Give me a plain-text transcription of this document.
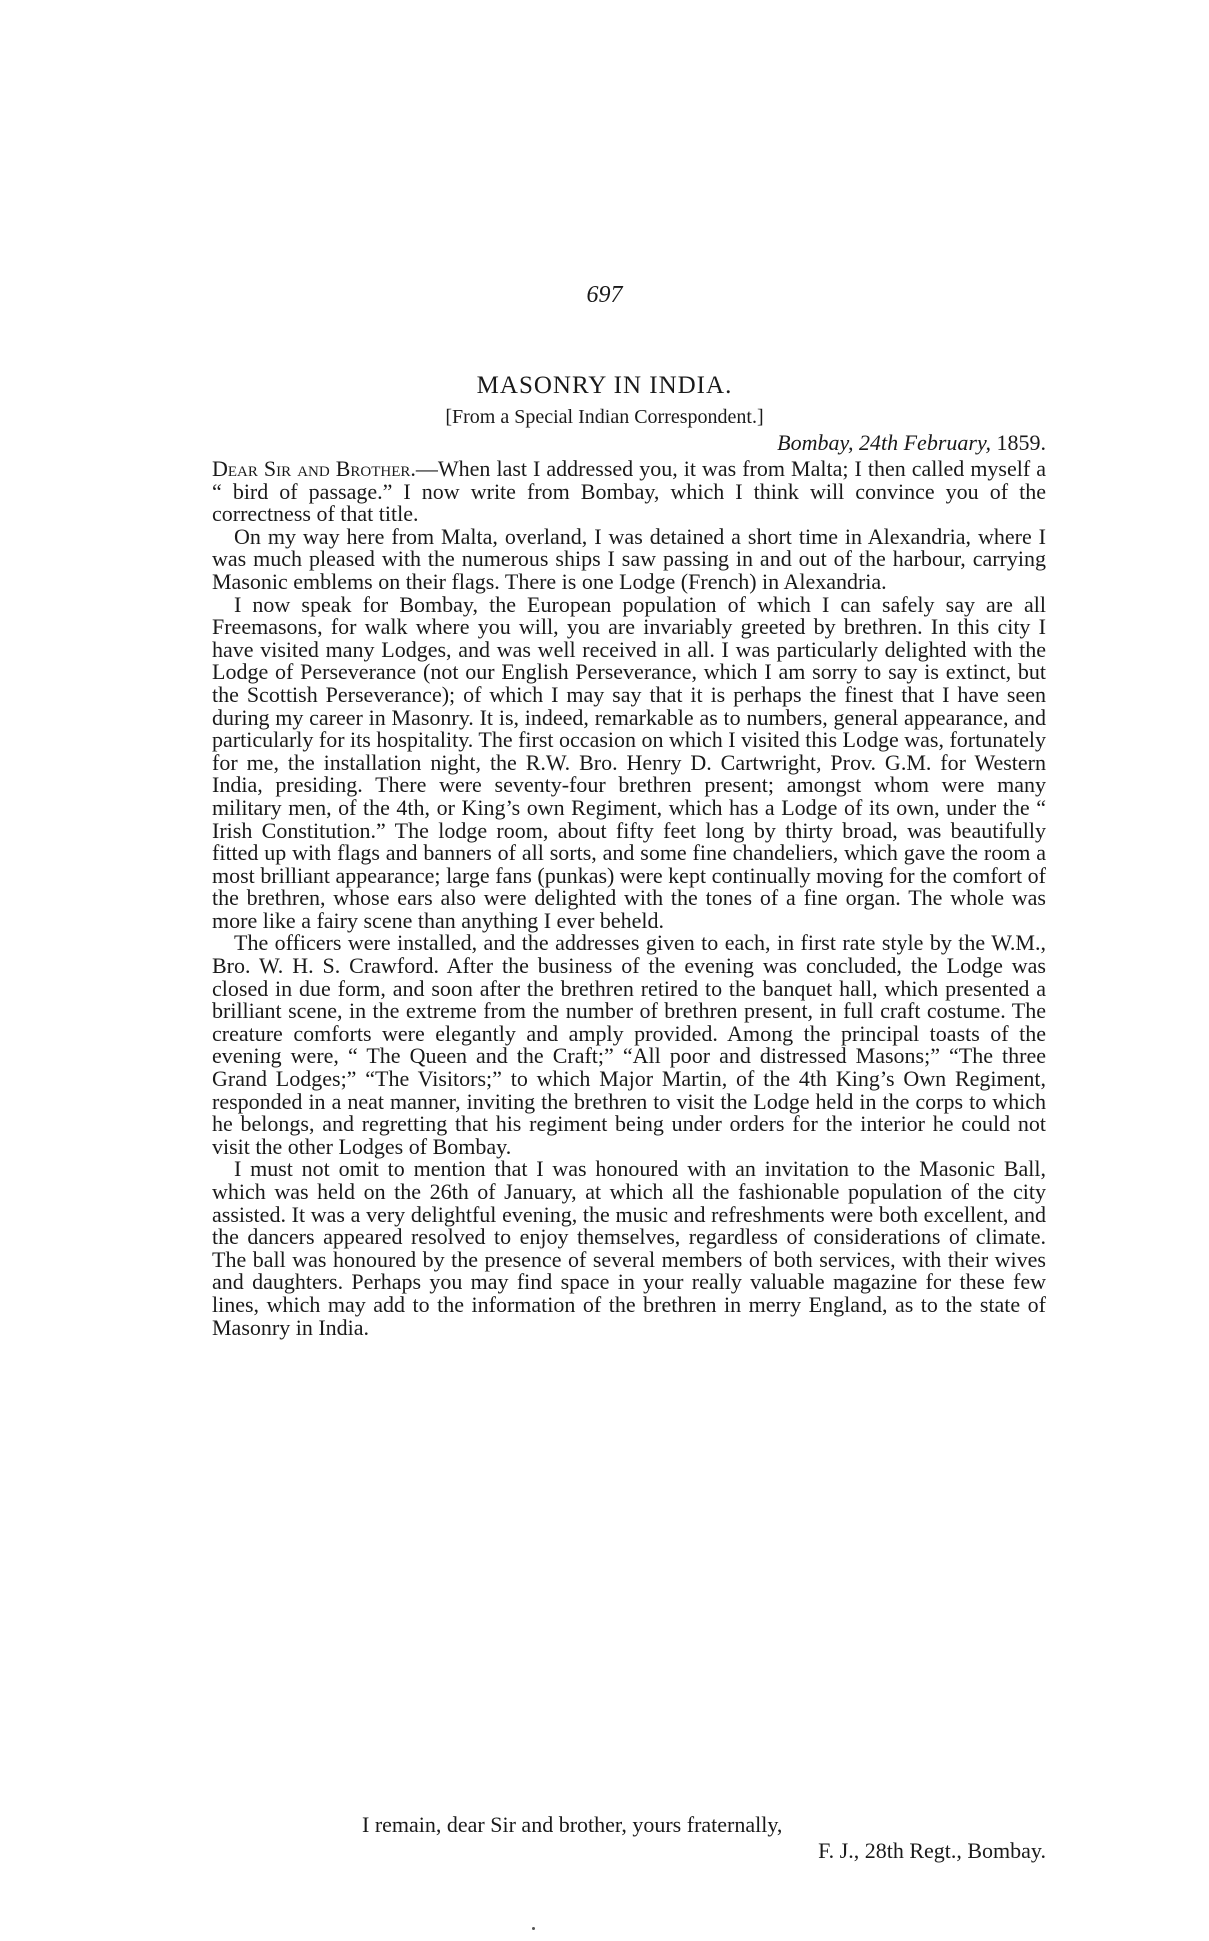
697
MASONRY IN INDIA.
[From a Special Indian Correspondent.]
Bombay, 24th February, 1859.

Dear Sir and Brother.—When last I addressed you, it was from Malta; I then called myself a “ bird of passage.” I now write from Bombay, which I think will convince you of the correctness of that title.

On my way here from Malta, overland, I was detained a short time in Alexandria, where I was much pleased with the numerous ships I saw passing in and out of the harbour, carrying Masonic emblems on their flags. There is one Lodge (French) in Alexandria.

I now speak for Bombay, the European population of which I can safely say are all Freemasons, for walk where you will, you are invariably greeted by brethren. In this city I have visited many Lodges, and was well received in all. I was particularly delighted with the Lodge of Perseverance (not our English Perseverance, which I am sorry to say is extinct, but the Scottish Perseverance); of which I may say that it is perhaps the finest that I have seen during my career in Masonry. It is, indeed, remarkable as to numbers, general appearance, and particularly for its hospitality. The first occasion on which I visited this Lodge was, fortunately for me, the installation night, the R.W. Bro. Henry D. Cartwright, Prov. G.M. for Western India, presiding. There were seventy-four brethren present; amongst whom were many military men, of the 4th, or King’s own Regiment, which has a Lodge of its own, under the “ Irish Constitution.” The lodge room, about fifty feet long by thirty broad, was beautifully fitted up with flags and banners of all sorts, and some fine chandeliers, which gave the room a most brilliant appearance; large fans (punkas) were kept continually moving for the comfort of the brethren, whose ears also were delighted with the tones of a fine organ. The whole was more like a fairy scene than anything I ever beheld.

The officers were installed, and the addresses given to each, in first rate style by the W.M., Bro. W. H. S. Crawford. After the business of the evening was concluded, the Lodge was closed in due form, and soon after the brethren retired to the banquet hall, which presented a brilliant scene, in the extreme from the number of brethren present, in full craft costume. The creature comforts were elegantly and amply provided. Among the principal toasts of the evening were, “ The Queen and the Craft;” “All poor and distressed Masons;” “The three Grand Lodges;” “The Visitors;” to which Major Martin, of the 4th King’s Own Regiment, responded in a neat manner, inviting the brethren to visit the Lodge held in the corps to which he belongs, and regretting that his regiment being under orders for the interior he could not visit the other Lodges of Bombay.

I must not omit to mention that I was honoured with an invitation to the Masonic Ball, which was held on the 26th of January, at which all the fashionable population of the city assisted. It was a very delightful evening, the music and refreshments were both excellent, and the dancers appeared resolved to enjoy themselves, regardless of considerations of climate. The ball was honoured by the presence of several members of both services, with their wives and daughters. Perhaps you may find space in your really valuable magazine for these few lines, which may add to the information of the brethren in merry England, as to the state of Masonry in India.

I remain, dear Sir and brother, yours fraternally,
F. J., 28th Regt., Bombay.
